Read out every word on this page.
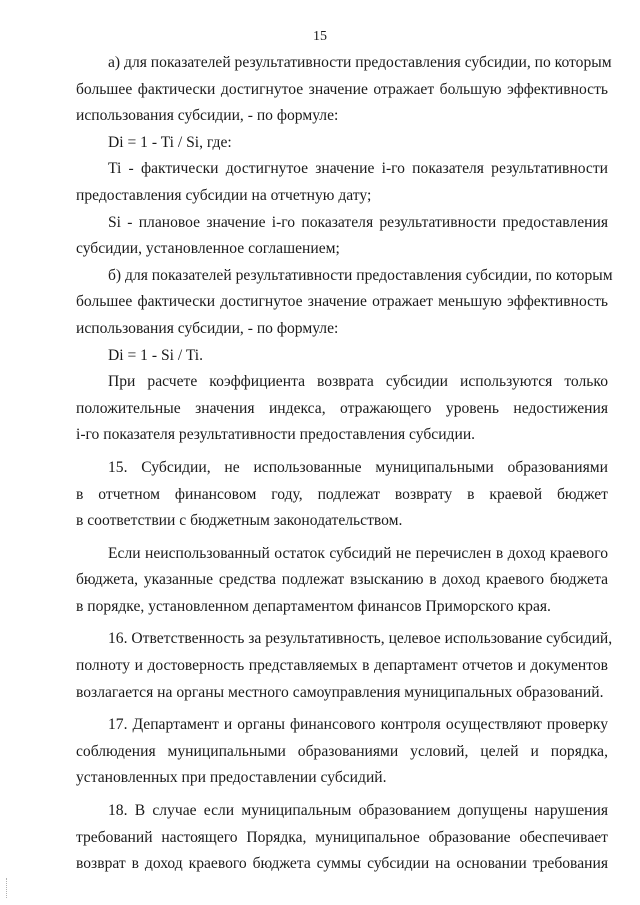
15
а) для показателей результативности предоставления субсидии, по которым
большее фактически достигнутое значение отражает большую эффективность
использования субсидии, - по формуле:
Di = 1 - Ti / Si, где:
Ti - фактически достигнутое значение i-го показателя результативности
предоставления субсидии на отчетную дату;
Si - плановое значение i-го показателя результативности предоставления
субсидии, установленное соглашением;
б) для показателей результативности предоставления субсидии, по которым
большее фактически достигнутое значение отражает меньшую эффективность
использования субсидии, - по формуле:
Di = 1 - Si / Ti.
При расчете коэффициента возврата субсидии используются только
положительные значения индекса, отражающего уровень недостижения
i-го показателя результативности предоставления субсидии.
15. Субсидии, не использованные муниципальными образованиями
в отчетном финансовом году, подлежат возврату в краевой бюджет
в соответствии с бюджетным законодательством.
Если неиспользованный остаток субсидий не перечислен в доход краевого
бюджета, указанные средства подлежат взысканию в доход краевого бюджета
в порядке, установленном департаментом финансов Приморского края.
16. Ответственность за результативность, целевое использование субсидий,
полноту и достоверность представляемых в департамент отчетов и документов
возлагается на органы местного самоуправления муниципальных образований.
17. Департамент и органы финансового контроля осуществляют проверку
соблюдения муниципальными образованиями условий, целей и порядка,
установленных при предоставлении субсидий.
18. В случае если муниципальным образованием допущены нарушения
требований настоящего Порядка, муниципальное образование обеспечивает
возврат в доход краевого бюджета суммы субсидии на основании требования
